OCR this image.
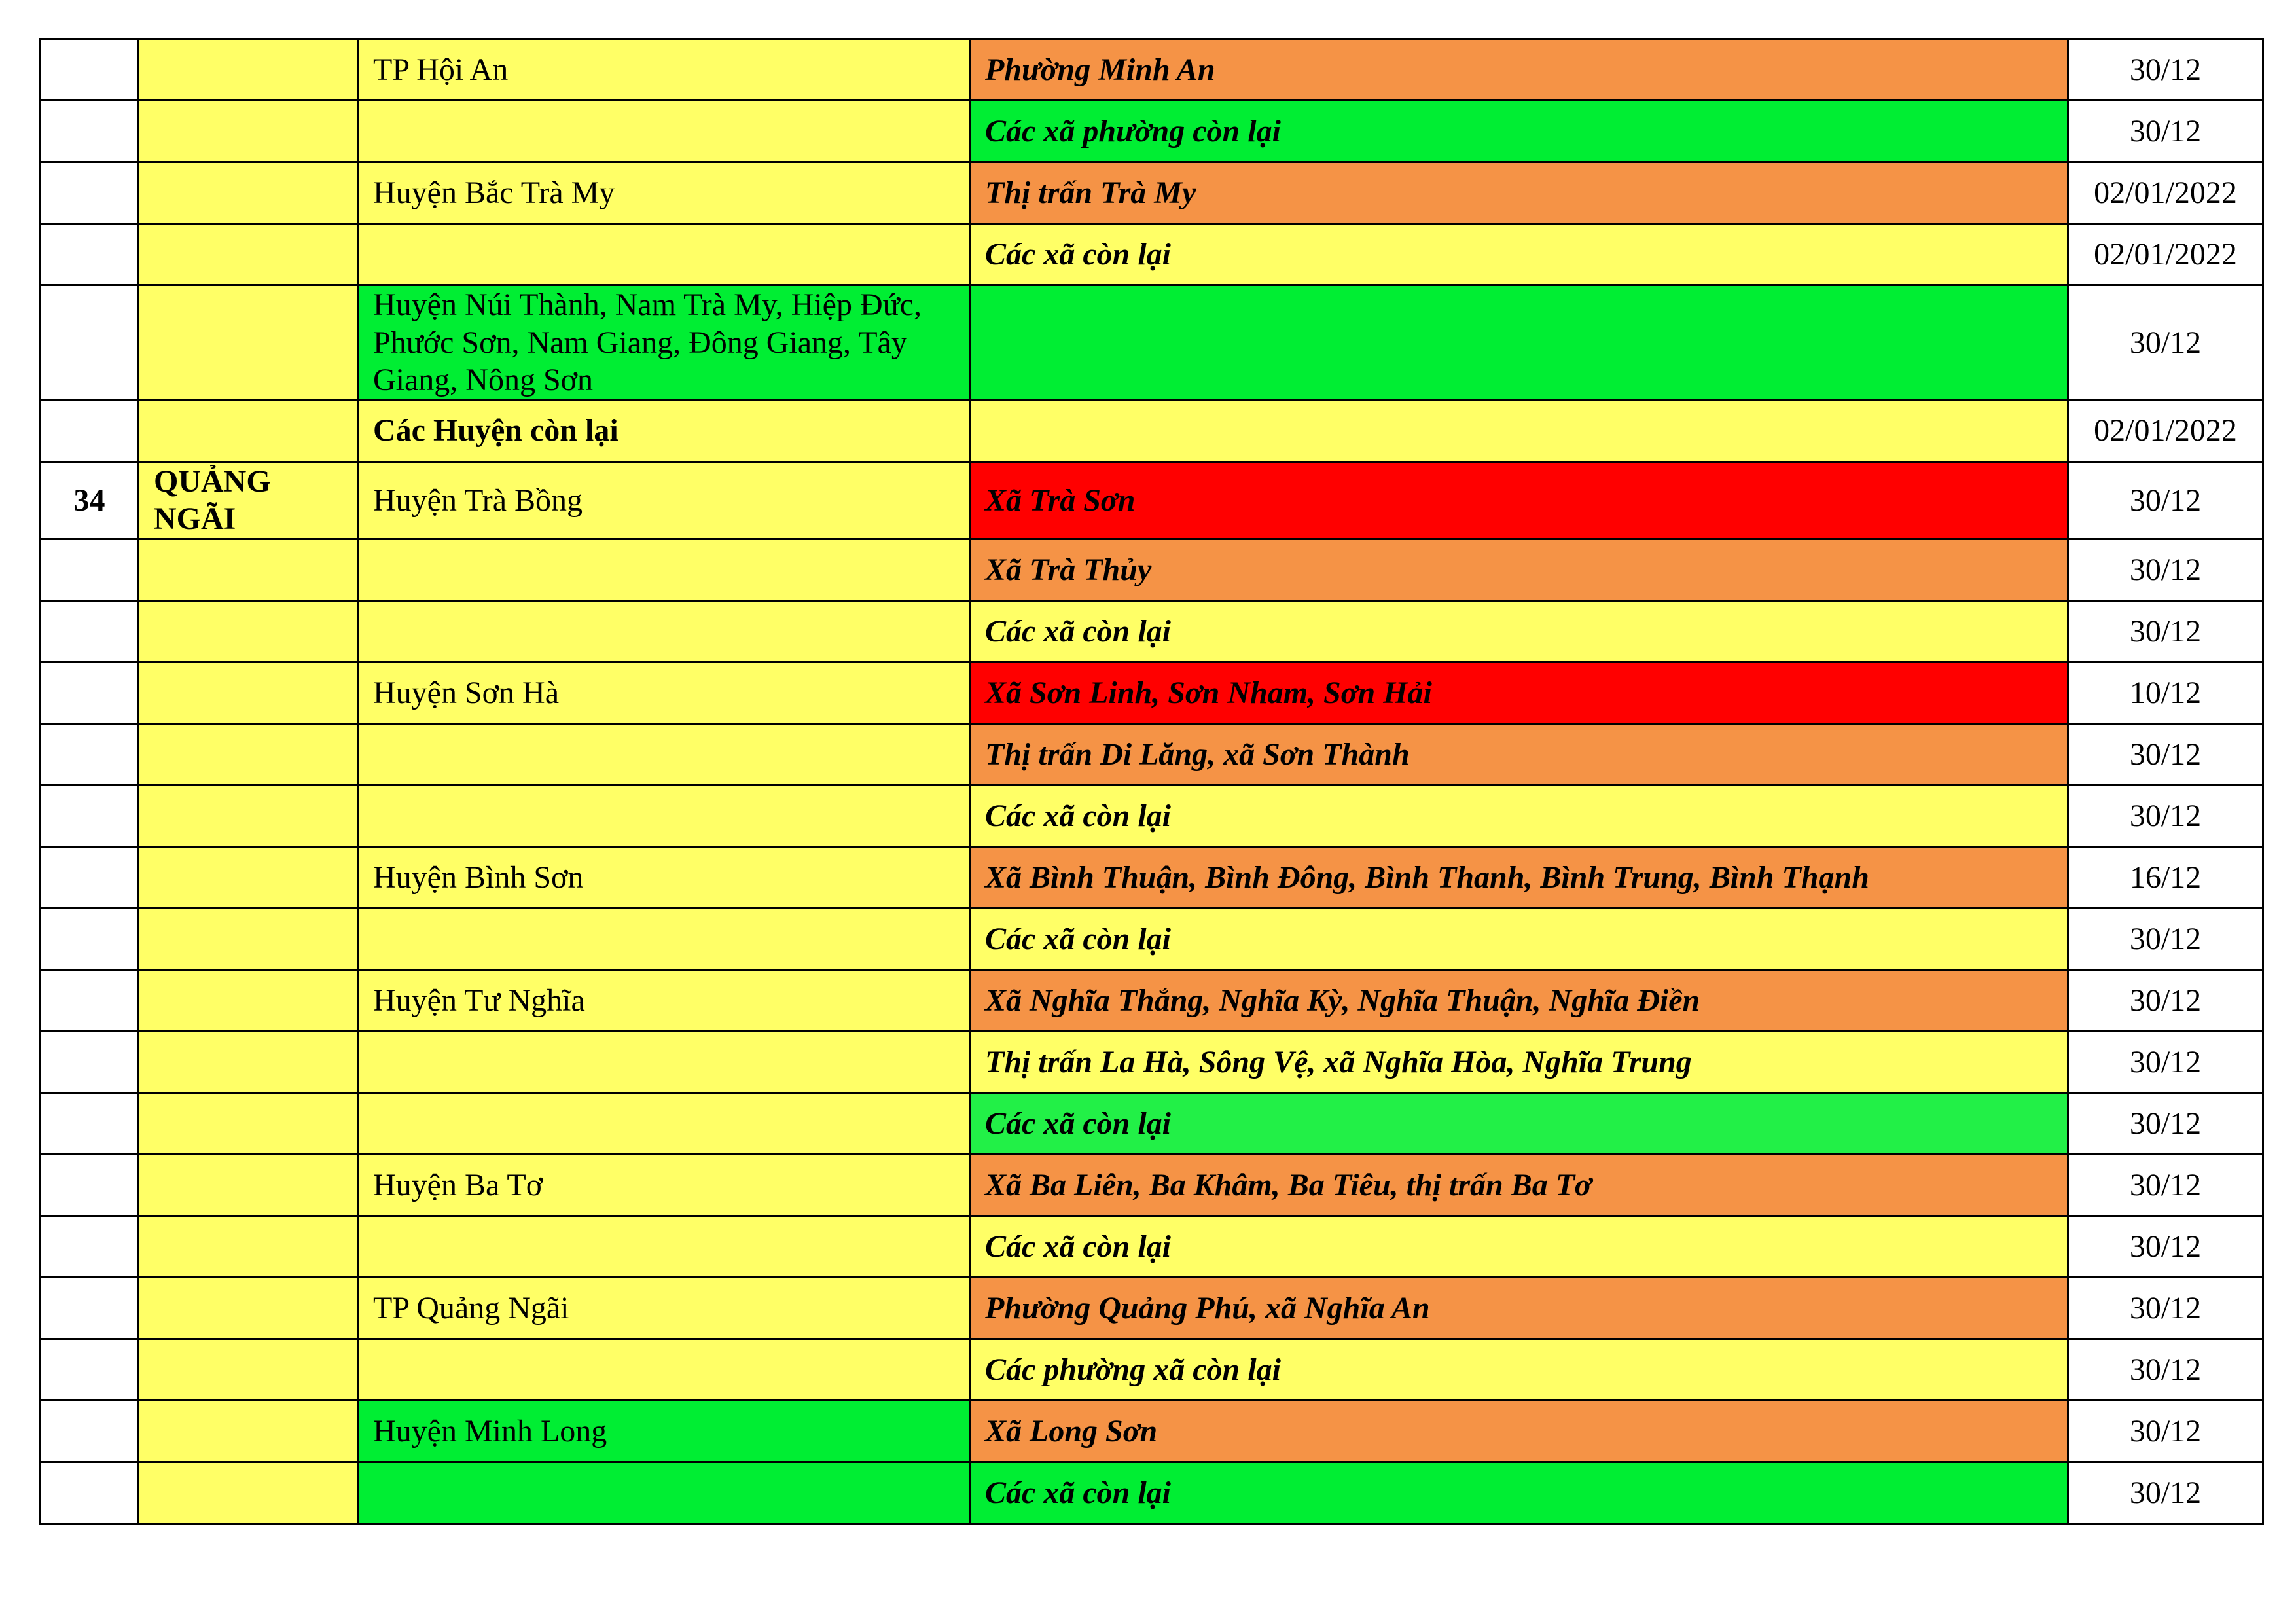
		TP Hội An	Phường Minh An	30/12
			Các xã phường còn lại	30/12
		Huyện Bắc Trà My	Thị trấn Trà My	02/01/2022
			Các xã còn lại	02/01/2022
		Huyện Núi Thành, Nam Trà My, Hiệp Đức, Phước Sơn, Nam Giang, Đông Giang, Tây Giang, Nông Sơn		30/12
		Các Huyện còn lại		02/01/2022
34	QUẢNG NGÃI	Huyện Trà Bồng	Xã Trà Sơn	30/12
			Xã Trà Thủy	30/12
			Các xã còn lại	30/12
		Huyện Sơn Hà	Xã Sơn Linh, Sơn Nham, Sơn Hải	10/12
			Thị trấn Di Lăng, xã Sơn Thành	30/12
			Các xã còn lại	30/12
		Huyện Bình Sơn	Xã Bình Thuận, Bình Đông, Bình Thanh, Bình Trung, Bình Thạnh	16/12
			Các xã còn lại	30/12
		Huyện Tư Nghĩa	Xã Nghĩa Thắng, Nghĩa Kỳ, Nghĩa Thuận, Nghĩa Điền	30/12
			Thị trấn La Hà, Sông Vệ, xã Nghĩa Hòa, Nghĩa Trung	30/12
			Các xã còn lại	30/12
		Huyện Ba Tơ	Xã Ba Liên, Ba Khâm, Ba Tiêu, thị trấn Ba Tơ	30/12
			Các xã còn lại	30/12
		TP Quảng Ngãi	Phường Quảng Phú, xã Nghĩa An	30/12
			Các phường xã còn lại	30/12
		Huyện Minh Long	Xã Long Sơn	30/12
			Các xã còn lại	30/12
